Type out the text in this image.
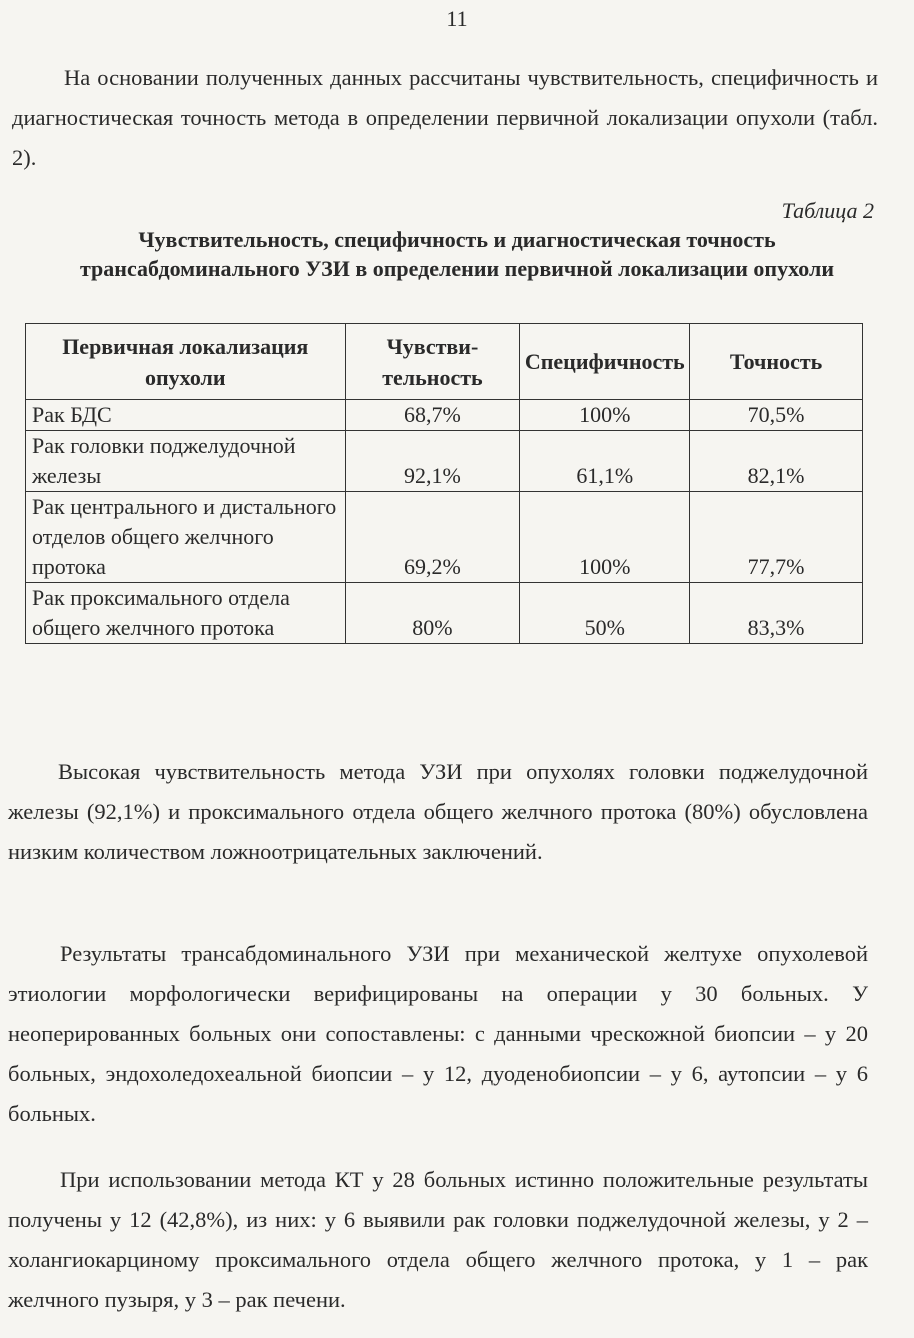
11

На основании полученных данных рассчитаны чувствительность, специфичность и диагностическая точность метода в определении первичной локализации опухоли (табл. 2).

Таблица 2
Чувствительность, специфичность и диагностическая точность трансабдоминального УЗИ в определении первичной локализации опухоли
Первичная локализация опухоли	Чувствительность	Специфичность	Точность
Рак БДС	68,7%	100%	70,5%
Рак головки поджелудочной железы	92,1%	61,1%	82,1%
Рак центрального и дистального отделов общего желчного протока	69,2%	100%	77,7%
Рак проксимального отдела общего желчного протока	80%	50%	83,3%

Высокая чувствительность метода УЗИ при опухолях головки поджелудочной железы (92,1%) и проксимального отдела общего желчного протока (80%) обусловлена низким количеством ложноотрицательных заключений.

Результаты трансабдоминального УЗИ при механической желтухе опухолевой этиологии морфологически верифицированы на операции у 30 больных. У неоперированных больных они сопоставлены: с данными чрескожной биопсии – у 20 больных, эндохоледохеальной биопсии – у 12, дуоденобиопсии – у 6, аутопсии – у 6 больных.

При использовании метода КТ у 28 больных истинно положительные результаты получены у 12 (42,8%), из них: у 6 выявили рак головки поджелудочной железы, у 2 – холангиокарциному проксимального отдела общего желчного протока, у 1 – рак желчного пузыря, у 3 – рак печени.
